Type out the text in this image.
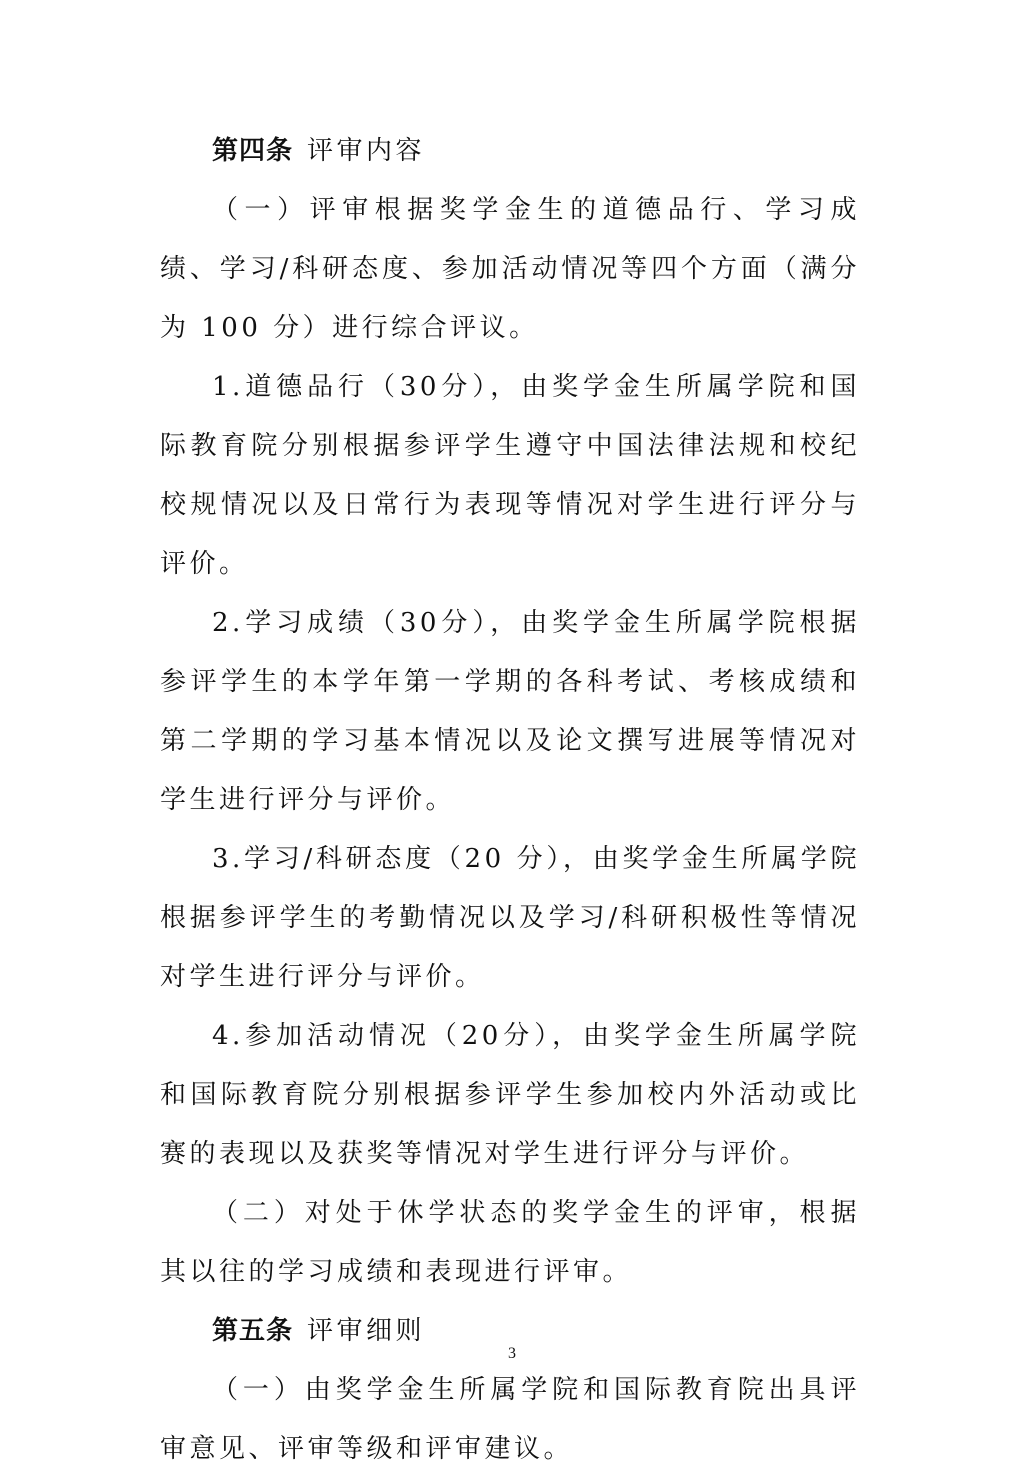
第四条 评审内容

（一）评审根据奖学金生的道德品行、学习成绩、学习/科研态度、参加活动情况等四个方面（满分为 100 分）进行综合评议。

1.道德品行（30分），由奖学金生所属学院和国际教育院分别根据参评学生遵守中国法律法规和校纪校规情况以及日常行为表现等情况对学生进行评分与评价。

2.学习成绩（30分），由奖学金生所属学院根据参评学生的本学年第一学期的各科考试、考核成绩和第二学期的学习基本情况以及论文撰写进展等情况对学生进行评分与评价。

3.学习/科研态度（20 分），由奖学金生所属学院根据参评学生的考勤情况以及学习/科研积极性等情况对学生进行评分与评价。

4.参加活动情况（20分），由奖学金生所属学院和国际教育院分别根据参评学生参加校内外活动或比赛的表现以及获奖等情况对学生进行评分与评价。

（二）对处于休学状态的奖学金生的评审，根据其以往的学习成绩和表现进行评审。

第五条 评审细则

（一）由奖学金生所属学院和国际教育院出具评审意见、评审等级和评审建议。

3
